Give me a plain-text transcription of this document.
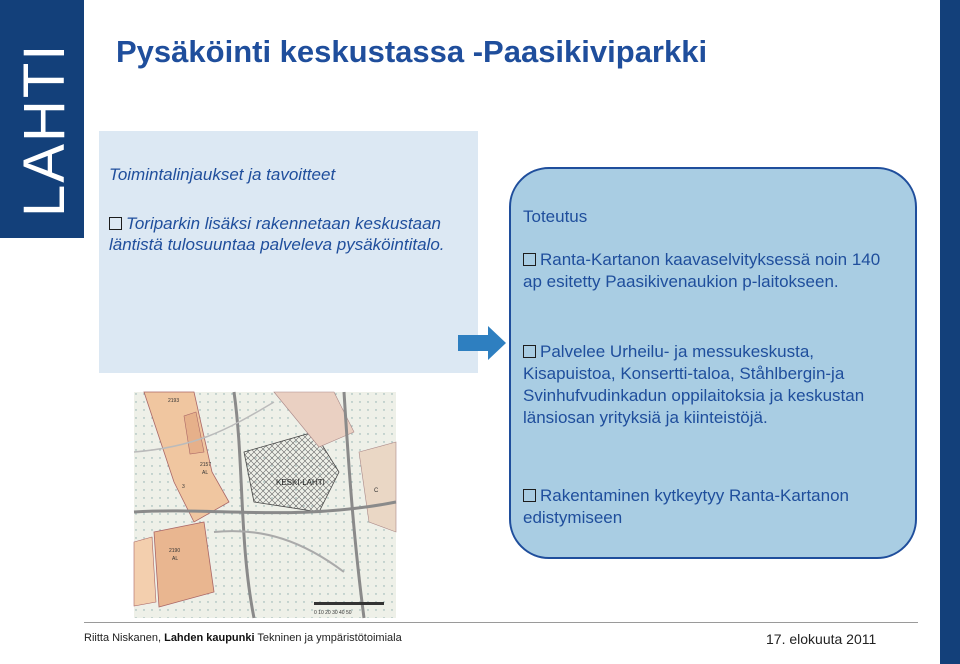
LAHTI Pysäköinti keskustassa -Paasikiviparkki
Toimintalinjaukset ja tavoitteet
Toriparkin lisäksi rakennetaan keskustaan läntistä tulosuuntaa palveleva pysäköintitalo.
Toteutus
Ranta-Kartanon kaavaselvityksessä noin 140 ap esitetty Paasikivenaukion p-laitokseen.
Palvelee Urheilu- ja messukeskusta, Kisapuistoa, Konsertti-taloa, Ståhlbergin-ja Svinhufvudinkadun oppilaitoksia ja keskustan länsiosan yrityksiä ja kiinteistöjä.
Rakentaminen kytkeytyy Ranta-Kartanon edistymiseen
KESKI-LAHTI
2193
2157
AL
3
2190
AL
C
0 10 20 30 40 50
Riitta Niskanen, Lahden kaupunki Tekninen ja ympäristötoimiala	17. elokuuta 2011
